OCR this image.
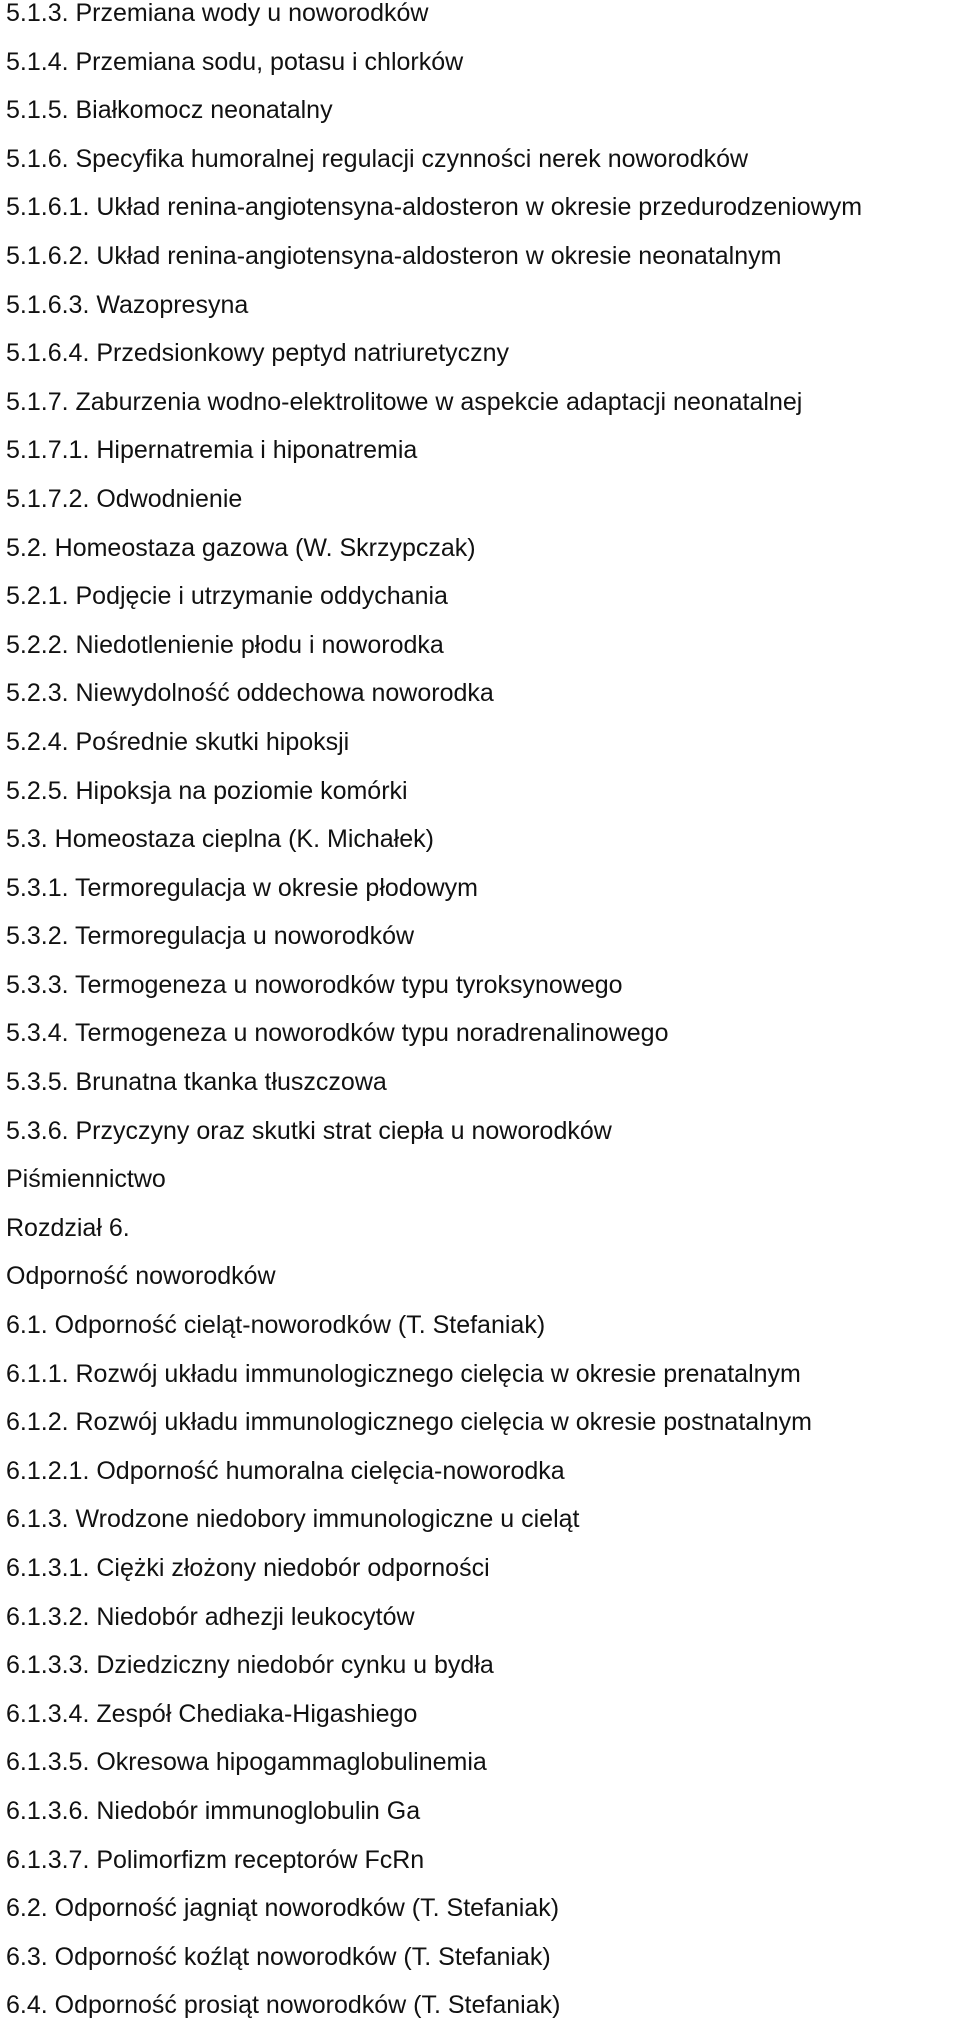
5.1.3. Przemiana wody u noworodków
5.1.4. Przemiana sodu, potasu i chlorków
5.1.5. Białkomocz neonatalny
5.1.6. Specyfika humoralnej regulacji czynności nerek noworodków
5.1.6.1. Układ renina-angiotensyna-aldosteron w okresie przedurodzeniowym
5.1.6.2. Układ renina-angiotensyna-aldosteron w okresie neonatalnym
5.1.6.3. Wazopresyna
5.1.6.4. Przedsionkowy peptyd natriuretyczny
5.1.7. Zaburzenia wodno-elektrolitowe w aspekcie adaptacji neonatalnej
5.1.7.1. Hipernatremia i hiponatremia
5.1.7.2. Odwodnienie
5.2. Homeostaza gazowa (W. Skrzypczak)
5.2.1. Podjęcie i utrzymanie oddychania
5.2.2. Niedotlenienie płodu i noworodka
5.2.3. Niewydolność oddechowa noworodka
5.2.4. Pośrednie skutki hipoksji
5.2.5. Hipoksja na poziomie komórki
5.3. Homeostaza cieplna (K. Michałek)
5.3.1. Termoregulacja w okresie płodowym
5.3.2. Termoregulacja u noworodków
5.3.3. Termogeneza u noworodków typu tyroksynowego
5.3.4. Termogeneza u noworodków typu noradrenalinowego
5.3.5. Brunatna tkanka tłuszczowa
5.3.6. Przyczyny oraz skutki strat ciepła u noworodków
Piśmiennictwo
Rozdział 6.
Odporność noworodków
6.1. Odporność cieląt-noworodków (T. Stefaniak)
6.1.1. Rozwój układu immunologicznego cielęcia w okresie prenatalnym
6.1.2. Rozwój układu immunologicznego cielęcia w okresie postnatalnym
6.1.2.1. Odporność humoralna cielęcia-noworodka
6.1.3. Wrodzone niedobory immunologiczne u cieląt
6.1.3.1. Ciężki złożony niedobór odporności
6.1.3.2. Niedobór adhezji leukocytów
6.1.3.3. Dziedziczny niedobór cynku u bydła
6.1.3.4. Zespół Chediaka-Higashiego
6.1.3.5. Okresowa hipogammaglobulinemia
6.1.3.6. Niedobór immunoglobulin Ga
6.1.3.7. Polimorfizm receptorów FcRn
6.2. Odporność jagniąt noworodków (T. Stefaniak)
6.3. Odporność koźląt noworodków (T. Stefaniak)
6.4. Odporność prosiąt noworodków (T. Stefaniak)
